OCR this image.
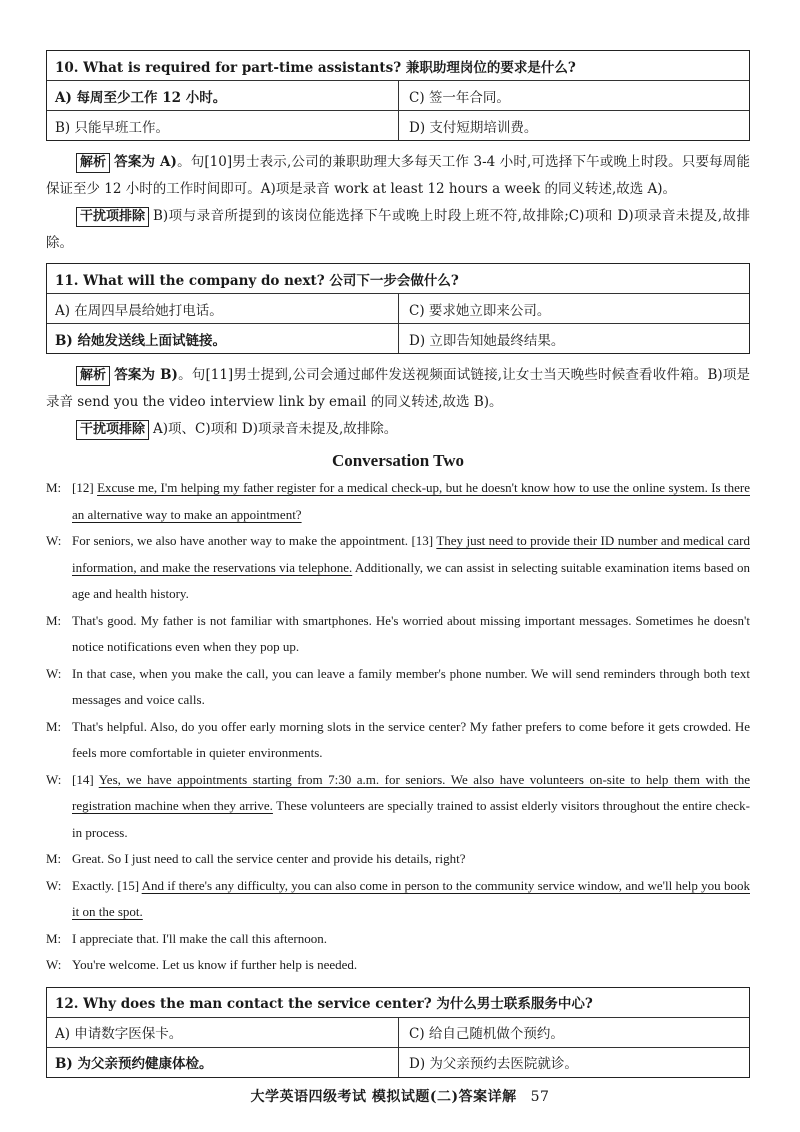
10. What is required for part-time assistants? 兼职助理岗位的要求是什么?
A) 每周至少工作 12 小时。	C) 签一年合同。
B) 只能早班工作。	D) 支付短期培训费。
解析 答案为 A)。句[10]男士表示,公司的兼职助理大多每天工作 3-4 小时,可选择下午或晚上时段。只要每周能保证至少 12 小时的工作时间即可。A)项是录音 work at least 12 hours a week 的同义转述,故选 A)。
干扰项排除 B)项与录音所提到的该岗位能选择下午或晚上时段上班不符,故排除;C)项和 D)项录音未提及,故排除。
11. What will the company do next? 公司下一步会做什么?
A) 在周四早晨给她打电话。	C) 要求她立即来公司。
B) 给她发送线上面试链接。	D) 立即告知她最终结果。
解析 答案为 B)。句[11]男士提到,公司会通过邮件发送视频面试链接,让女士当天晚些时候查看收件箱。B)项是录音 send you the video interview link by email 的同义转述,故选 B)。
干扰项排除 A)项、C)项和 D)项录音未提及,故排除。
Conversation Two
M: [12] Excuse me, I'm helping my father register for a medical check-up, but he doesn't know how to use the online system. Is there an alternative way to make an appointment?
W: For seniors, we also have another way to make the appointment. [13] They just need to provide their ID number and medical card information, and make the reservations via telephone. Additionally, we can assist in selecting suitable examination items based on age and health history.
M: That's good. My father is not familiar with smartphones. He's worried about missing important messages. Sometimes he doesn't notice notifications even when they pop up.
W: In that case, when you make the call, you can leave a family member's phone number. We will send reminders through both text messages and voice calls.
M: That's helpful. Also, do you offer early morning slots in the service center? My father prefers to come before it gets crowded. He feels more comfortable in quieter environments.
W: [14] Yes, we have appointments starting from 7:30 a.m. for seniors. We also have volunteers on-site to help them with the registration machine when they arrive. These volunteers are specially trained to assist elderly visitors throughout the entire check-in process.
M: Great. So I just need to call the service center and provide his details, right?
W: Exactly. [15] And if there's any difficulty, you can also come in person to the community service window, and we'll help you book it on the spot.
M: I appreciate that. I'll make the call this afternoon.
W: You're welcome. Let us know if further help is needed.
12. Why does the man contact the service center? 为什么男士联系服务中心?
A) 申请数字医保卡。	C) 给自己随机做个预约。
B) 为父亲预约健康体检。	D) 为父亲预约去医院就诊。
大学英语四级考试 模拟试题(二)答案详解 57
